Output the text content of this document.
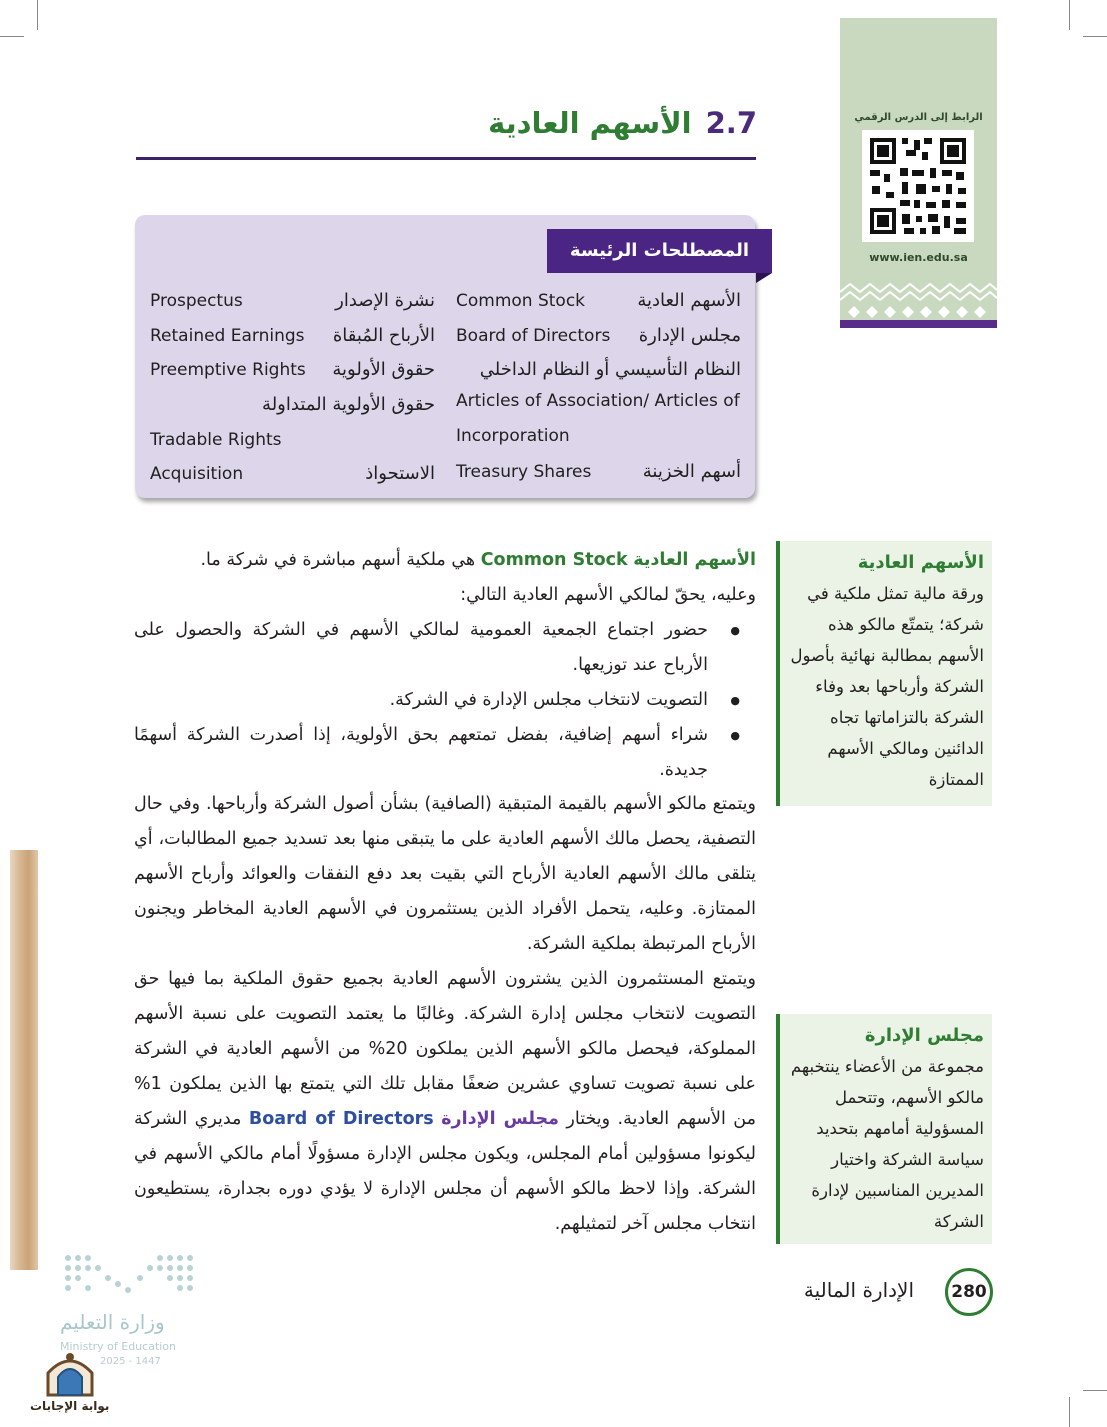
الرابط إلى الدرس الرقمي
www.ien.edu.sa
2.7الأسهم العادية
المصطلحات الرئيسة
الأسهم العادية
Common Stock
مجلس الإدارة
Board of Directors
النظام التأسيسي أو النظام الداخلي
Articles of Association/ Articles of
Incorporation
أسهم الخزينة
Treasury Shares
نشرة الإصدار
Prospectus
الأرباح المُبقاة
Retained Earnings
حقوق الأولوية
Preemptive Rights
حقوق الأولوية المتداولة
Tradable Rights
الاستحواذ
Acquisition
الأسهم العادية Common Stock هي ملكية أسهم مباشرة في شركة ما.
وعليه، يحقّ لمالكي الأسهم العادية التالي:
● حضور اجتماع الجمعية العمومية لمالكي الأسهم في الشركة والحصول على الأرباح عند توزيعها.
● التصويت لانتخاب مجلس الإدارة في الشركة.
● شراء أسهم إضافية، بفضل تمتعهم بحق الأولوية، إذا أصدرت الشركة أسهمًا جديدة.
ويتمتع مالكو الأسهم بالقيمة المتبقية (الصافية) بشأن أصول الشركة وأرباحها. وفي حال التصفية، يحصل مالك الأسهم العادية على ما يتبقى منها بعد تسديد جميع المطالبات، أي يتلقى مالك الأسهم العادية الأرباح التي بقيت بعد دفع النفقات والعوائد وأرباح الأسهم الممتازة. وعليه، يتحمل الأفراد الذين يستثمرون في الأسهم العادية المخاطر ويجنون الأرباح المرتبطة بملكية الشركة.
ويتمتع المستثمرون الذين يشترون الأسهم العادية بجميع حقوق الملكية بما فيها حق التصويت لانتخاب مجلس إدارة الشركة. وغالبًا ما يعتمد التصويت على نسبة الأسهم المملوكة، فيحصل مالكو الأسهم الذين يملكون 20% من الأسهم العادية في الشركة على نسبة تصويت تساوي عشرين ضعفًا مقابل تلك التي يتمتع بها الذين يملكون 1% من الأسهم العادية. ويختار مجلس الإدارة Board of Directors مديري الشركة ليكونوا مسؤولين أمام المجلس، ويكون مجلس الإدارة مسؤولًا أمام مالكي الأسهم في الشركة. وإذا لاحظ مالكو الأسهم أن مجلس الإدارة لا يؤدي دوره بجدارة، يستطيعون انتخاب مجلس آخر لتمثيلهم.
الأسهم العادية
ورقة مالية تمثل ملكية في شركة؛ يتمتّع مالكو هذه الأسهم بمطالبة نهائية بأصول الشركة وأرباحها بعد وفاء الشركة بالتزاماتها تجاه الدائنين ومالكي الأسهم الممتازة
مجلس الإدارة
مجموعة من الأعضاء ينتخبهم مالكو الأسهم، وتتحمل المسؤولية أمامهم بتحديد سياسة الشركة واختيار المديرين المناسبين لإدارة الشركة
280
الإدارة المالية
وزارة التعليم
Ministry of Education
2025 - 1447
بوابة الإجابات
